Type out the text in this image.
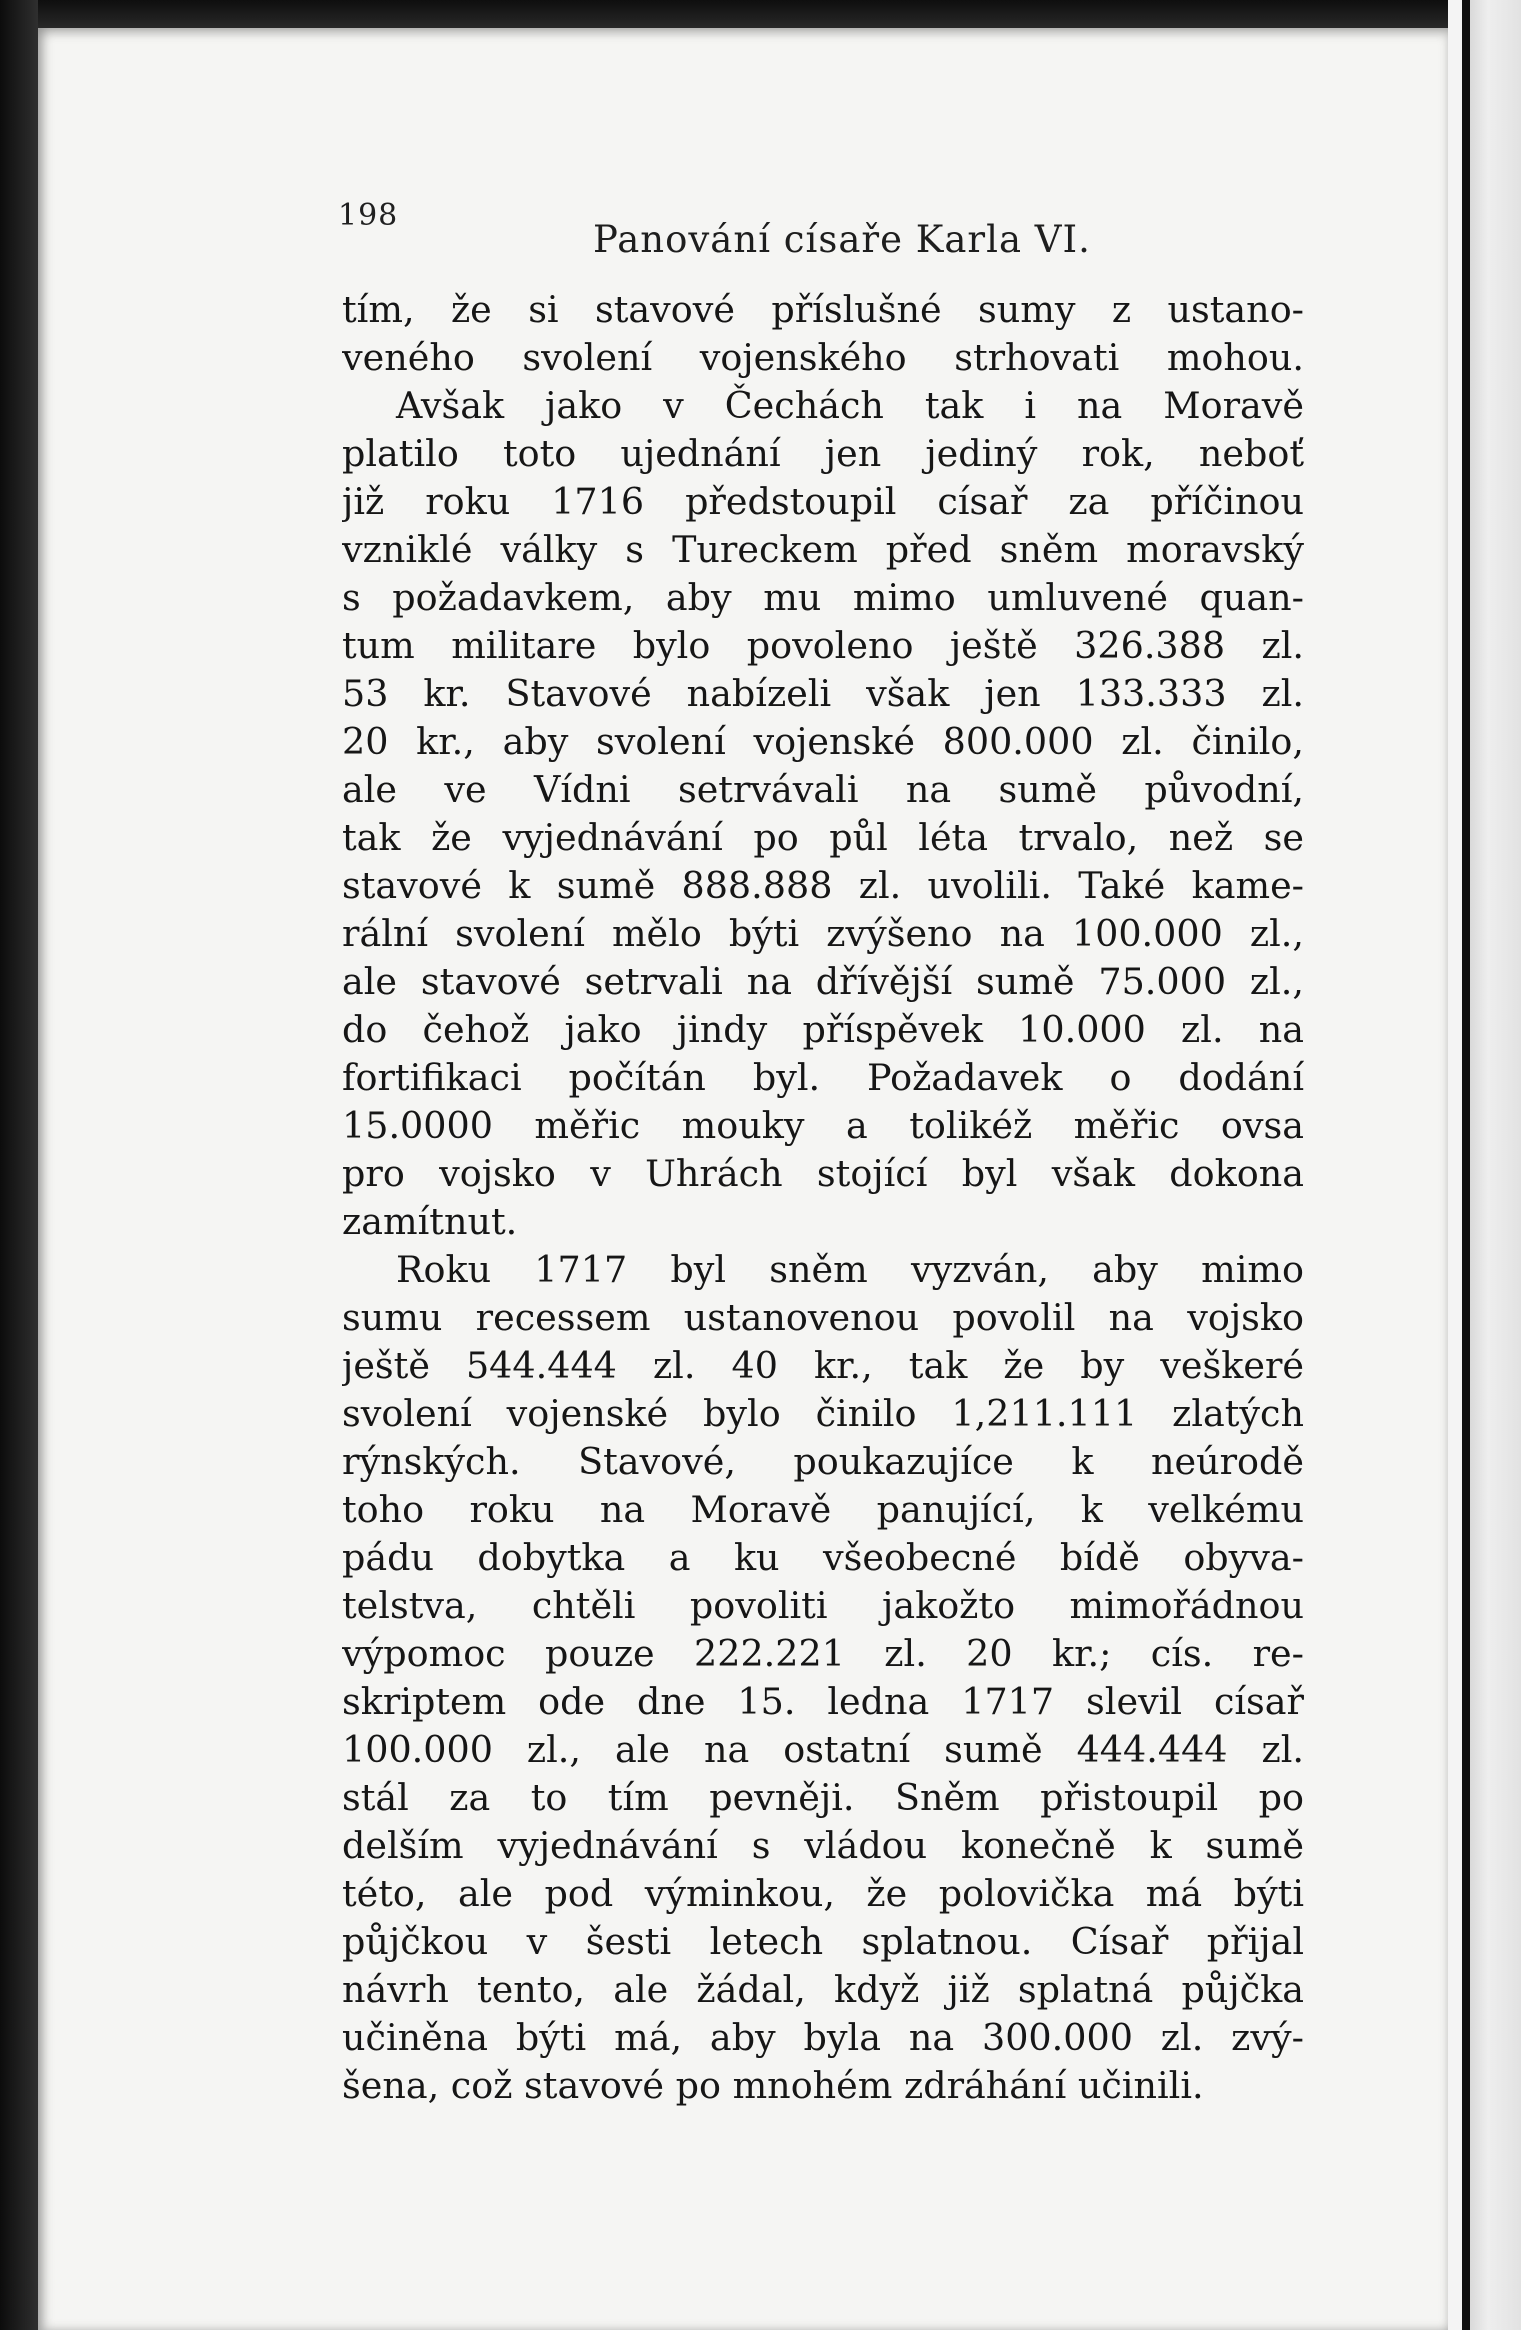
198
Panování císaře Karla VI.
tím, že si stavové příslušné sumy z ustano-
veného svolení vojenského strhovati mohou.
Avšak jako v Čechách tak i na Moravě
platilo toto ujednání jen jediný rok, neboť
již roku 1716 předstoupil císař za příčinou
vzniklé války s Tureckem před sněm moravský
s požadavkem, aby mu mimo umluvené quan-
tum militare bylo povoleno ještě 326.388 zl.
53 kr. Stavové nabízeli však jen 133.333 zl.
20 kr., aby svolení vojenské 800.000 zl. činilo,
ale ve Vídni setrvávali na sumě původní,
tak že vyjednávání po půl léta trvalo, než se
stavové k sumě 888.888 zl. uvolili. Také kame-
rální svolení mělo býti zvýšeno na 100.000 zl.,
ale stavové setrvali na dřívější sumě 75.000 zl.,
do čehož jako jindy příspěvek 10.000 zl. na
fortifikaci počítán byl. Požadavek o dodání
15.0000 měřic mouky a tolikéž měřic ovsa
pro vojsko v Uhrách stojící byl však dokona
zamítnut.
Roku 1717 byl sněm vyzván, aby mimo
sumu recessem ustanovenou povolil na vojsko
ještě 544.444 zl. 40 kr., tak že by veškeré
svolení vojenské bylo činilo 1,211.111 zlatých
rýnských. Stavové, poukazujíce k neúrodě
toho roku na Moravě panující, k velkému
pádu dobytka a ku všeobecné bídě obyva-
telstva, chtěli povoliti jakožto mimořádnou
výpomoc pouze 222.221 zl. 20 kr.; cís. re-
skriptem ode dne 15. ledna 1717 slevil císař
100.000 zl., ale na ostatní sumě 444.444 zl.
stál za to tím pevněji. Sněm přistoupil po
delším vyjednávání s vládou konečně k sumě
této, ale pod výminkou, že polovička má býti
půjčkou v šesti letech splatnou. Císař přijal
návrh tento, ale žádal, když již splatná půjčka
učiněna býti má, aby byla na 300.000 zl. zvý-
šena, což stavové po mnohém zdráhání učinili.
